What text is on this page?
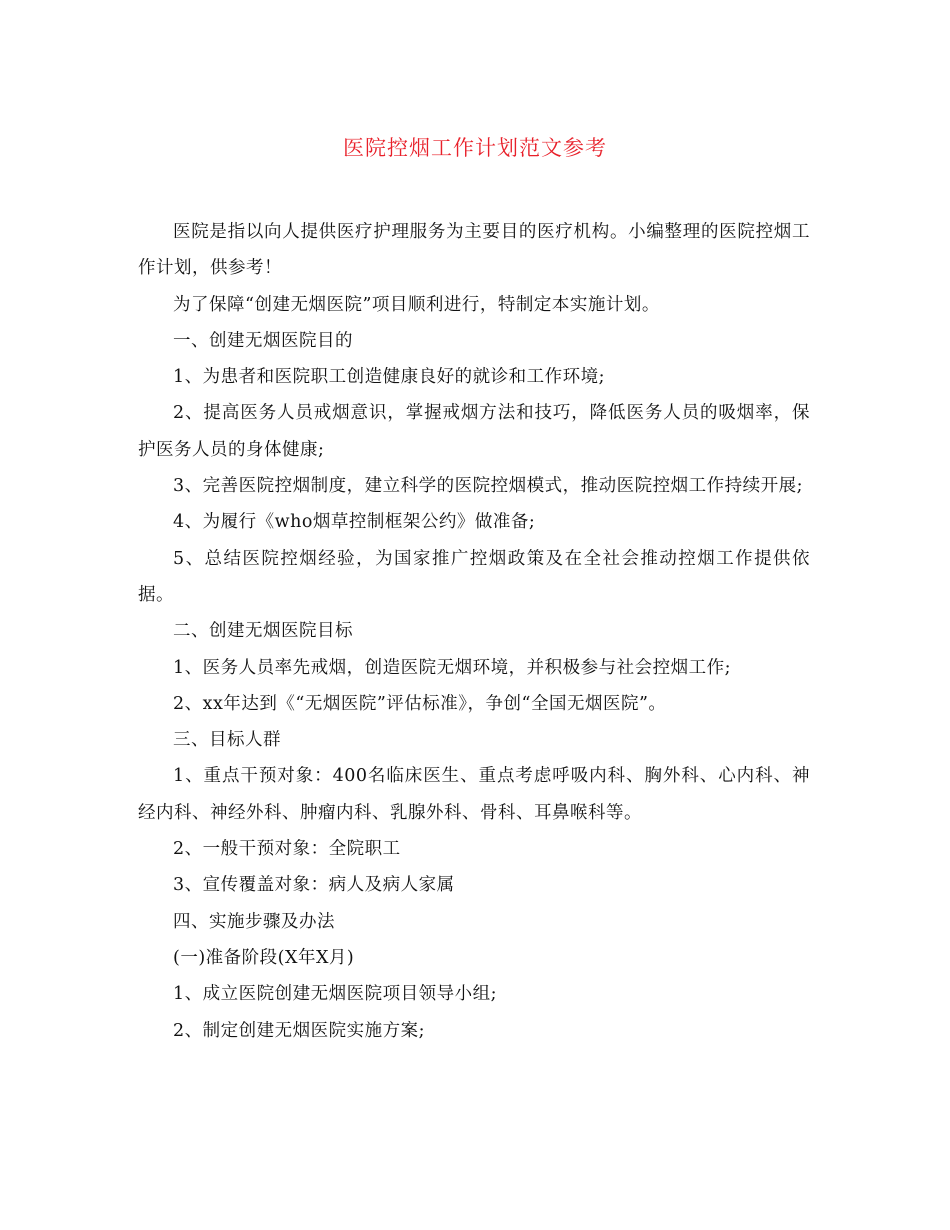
医院控烟工作计划范文参考

医院是指以向人提供医疗护理服务为主要目的医疗机构。小编整理的医院控烟工作计划，供参考！

为了保障“创建无烟医院”项目顺利进行，特制定本实施计划。

一、创建无烟医院目的

1、为患者和医院职工创造健康良好的就诊和工作环境;

2、提高医务人员戒烟意识，掌握戒烟方法和技巧，降低医务人员的吸烟率，保护医务人员的身体健康;

3、完善医院控烟制度，建立科学的医院控烟模式，推动医院控烟工作持续开展;

4、为履行《who烟草控制框架公约》做准备;

5、总结医院控烟经验，为国家推广控烟政策及在全社会推动控烟工作提供依据。

二、创建无烟医院目标

1、医务人员率先戒烟，创造医院无烟环境，并积极参与社会控烟工作;

2、xx年达到《“无烟医院”评估标准》，争创“全国无烟医院”。

三、目标人群

1、重点干预对象：400名临床医生、重点考虑呼吸内科、胸外科、心内科、神经内科、神经外科、肿瘤内科、乳腺外科、骨科、耳鼻喉科等。

2、一般干预对象：全院职工

3、宣传覆盖对象：病人及病人家属

四、实施步骤及办法

(一)准备阶段(X年X月)

1、成立医院创建无烟医院项目领导小组;

2、制定创建无烟医院实施方案;
